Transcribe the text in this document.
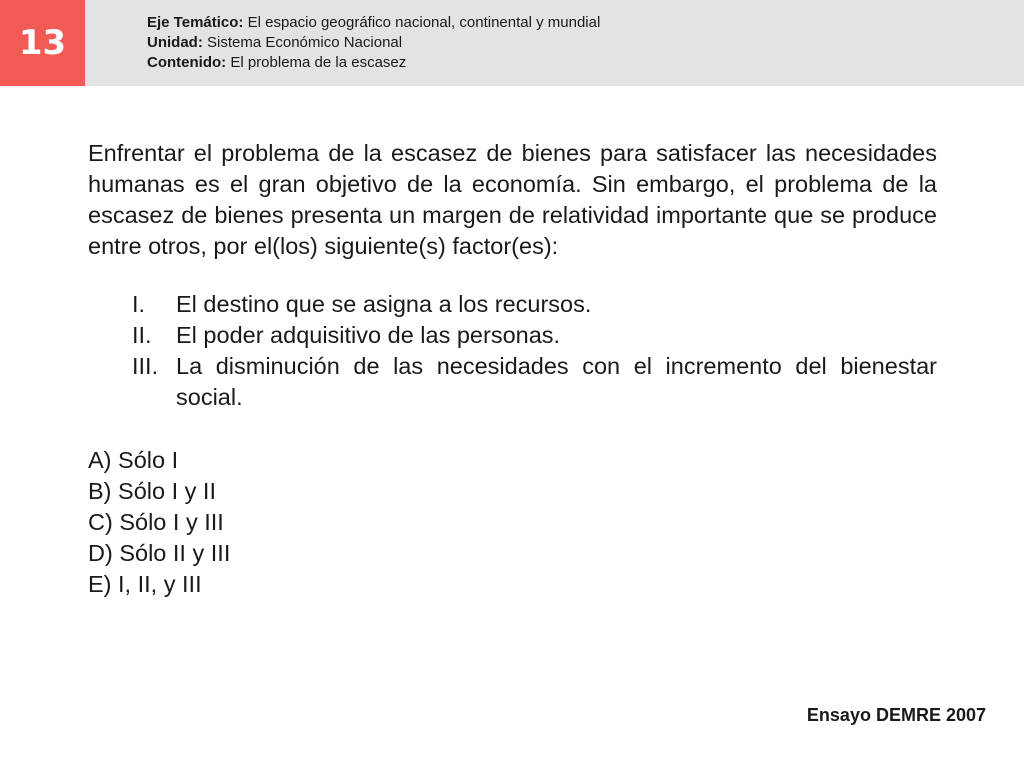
13
Eje Temático: El espacio geográfico nacional, continental y mundial
Unidad: Sistema Económico Nacional
Contenido: El problema de la escasez
Enfrentar el problema de la escasez de bienes para satisfacer las necesidades humanas es el gran objetivo de la economía. Sin embargo, el problema de la escasez de bienes presenta un margen de relatividad importante que se produce entre otros, por el(los) siguiente(s) factor(es):
I.	El destino que se asigna a los recursos.
II.	El poder adquisitivo de las personas.
III. La disminución de las necesidades con el incremento del bienestar social.
A) Sólo I
B) Sólo I y II
C) Sólo I y III
D) Sólo II y III
E) I, II, y III
Ensayo DEMRE 2007
